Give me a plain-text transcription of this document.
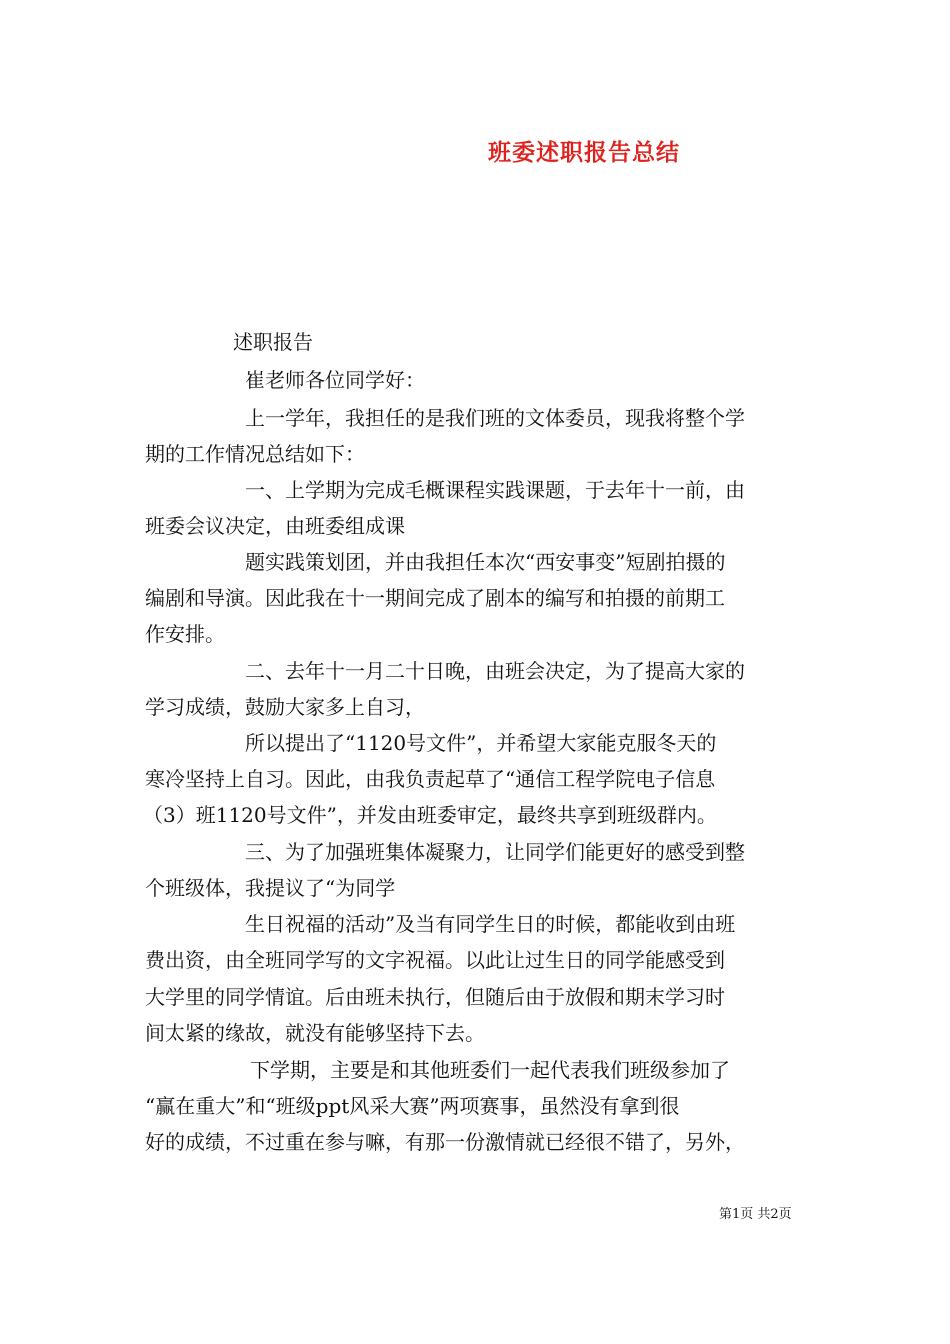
班委述职报告总结
述职报告
崔老师各位同学好：
上一学年，我担任的是我们班的文体委员，现我将整个学
期的工作情况总结如下：
一、上学期为完成毛概课程实践课题，于去年十一前，由
班委会议决定，由班委组成课
题实践策划团，并由我担任本次“西安事变”短剧拍摄的
编剧和导演。因此我在十一期间完成了剧本的编写和拍摄的前期工
作安排。
二、去年十一月二十日晚，由班会决定，为了提高大家的
学习成绩，鼓励大家多上自习，
所以提出了“1120号文件”，并希望大家能克服冬天的
寒冷坚持上自习。因此，由我负责起草了“通信工程学院电子信息
（3）班1120号文件”，并发由班委审定，最终共享到班级群内。
三、为了加强班集体凝聚力，让同学们能更好的感受到整
个班级体，我提议了“为同学
生日祝福的活动”及当有同学生日的时候，都能收到由班
费出资，由全班同学写的文字祝福。以此让过生日的同学能感受到
大学里的同学情谊。后由班未执行，但随后由于放假和期末学习时
间太紧的缘故，就没有能够坚持下去。
下学期，主要是和其他班委们一起代表我们班级参加了
“赢在重大”和“班级ppt风采大赛”两项赛事，虽然没有拿到很
好的成绩，不过重在参与嘛，有那一份激情就已经很不错了，另外，
第1页 共2页
